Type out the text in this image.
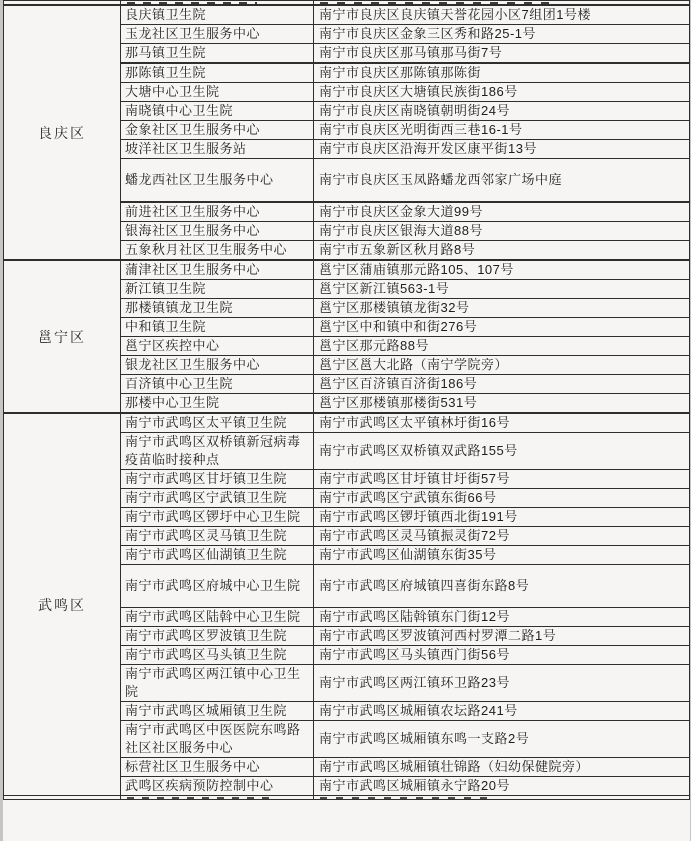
良庆区	良庆镇卫生院	南宁市良庆区良庆镇天誉花园小区7组团1号楼
	玉龙社区卫生服务中心	南宁市良庆区金象三区秀和路25-1号
	那马镇卫生院	南宁市良庆区那马镇那马街7号
	那陈镇卫生院	南宁市良庆区那陈镇那陈街
	大塘中心卫生院	南宁市良庆区大塘镇民族街186号
	南晓镇中心卫生院	南宁市良庆区南晓镇朝明街24号
	金象社区卫生服务中心	南宁市良庆区光明街西三巷16-1号
	坡洋社区卫生服务站	南宁市良庆区沿海开发区康平街13号
	蟠龙西社区卫生服务中心	南宁市良庆区玉凤路蟠龙西邻家广场中庭
	前进社区卫生服务中心	南宁市良庆区金象大道99号
	银海社区卫生服务中心	南宁市良庆区银海大道88号
	五象秋月社区卫生服务中心	南宁市五象新区秋月路8号
邕宁区	蒲津社区卫生服务中心	邕宁区蒲庙镇那元路105、107号
	新江镇卫生院	邕宁区新江镇563-1号
	那楼镇镇龙卫生院	邕宁区那楼镇镇龙街32号
	中和镇卫生院	邕宁区中和镇中和街276号
	邕宁区疾控中心	邕宁区那元路88号
	银龙社区卫生服务中心	邕宁区邕大北路（南宁学院旁）
	百济镇中心卫生院	邕宁区百济镇百济街186号
	那楼中心卫生院	邕宁区那楼镇那楼街531号
武鸣区	南宁市武鸣区太平镇卫生院	南宁市武鸣区太平镇林圩街16号
	南宁市武鸣区双桥镇新冠病毒疫苗临时接种点	南宁市武鸣区双桥镇双武路155号
	南宁市武鸣区甘圩镇卫生院	南宁市武鸣区甘圩镇甘圩街57号
	南宁市武鸣区宁武镇卫生院	南宁市武鸣区宁武镇东街66号
	南宁市武鸣区锣圩中心卫生院	南宁市武鸣区锣圩镇西北街191号
	南宁市武鸣区灵马镇卫生院	南宁市武鸣区灵马镇振灵街72号
	南宁市武鸣区仙湖镇卫生院	南宁市武鸣区仙湖镇东街35号
	南宁市武鸣区府城中心卫生院	南宁市武鸣区府城镇四喜街东路8号
	南宁市武鸣区陆斡中心卫生院	南宁市武鸣区陆斡镇东门街12号
	南宁市武鸣区罗波镇卫生院	南宁市武鸣区罗波镇河西村罗潭二路1号
	南宁市武鸣区马头镇卫生院	南宁市武鸣区马头镇西门街56号
	南宁市武鸣区两江镇中心卫生院	南宁市武鸣区两江镇环卫路23号
	南宁市武鸣区城厢镇卫生院	南宁市武鸣区城厢镇农坛路241号
	南宁市武鸣区中医医院东鸣路社区社区服务中心	南宁市武鸣区城厢镇东鸣一支路2号
	标营社区卫生服务中心	南宁市武鸣区城厢镇壮锦路（妇幼保健院旁）
	武鸣区疾病预防控制中心	南宁市武鸣区城厢镇永宁路20号
